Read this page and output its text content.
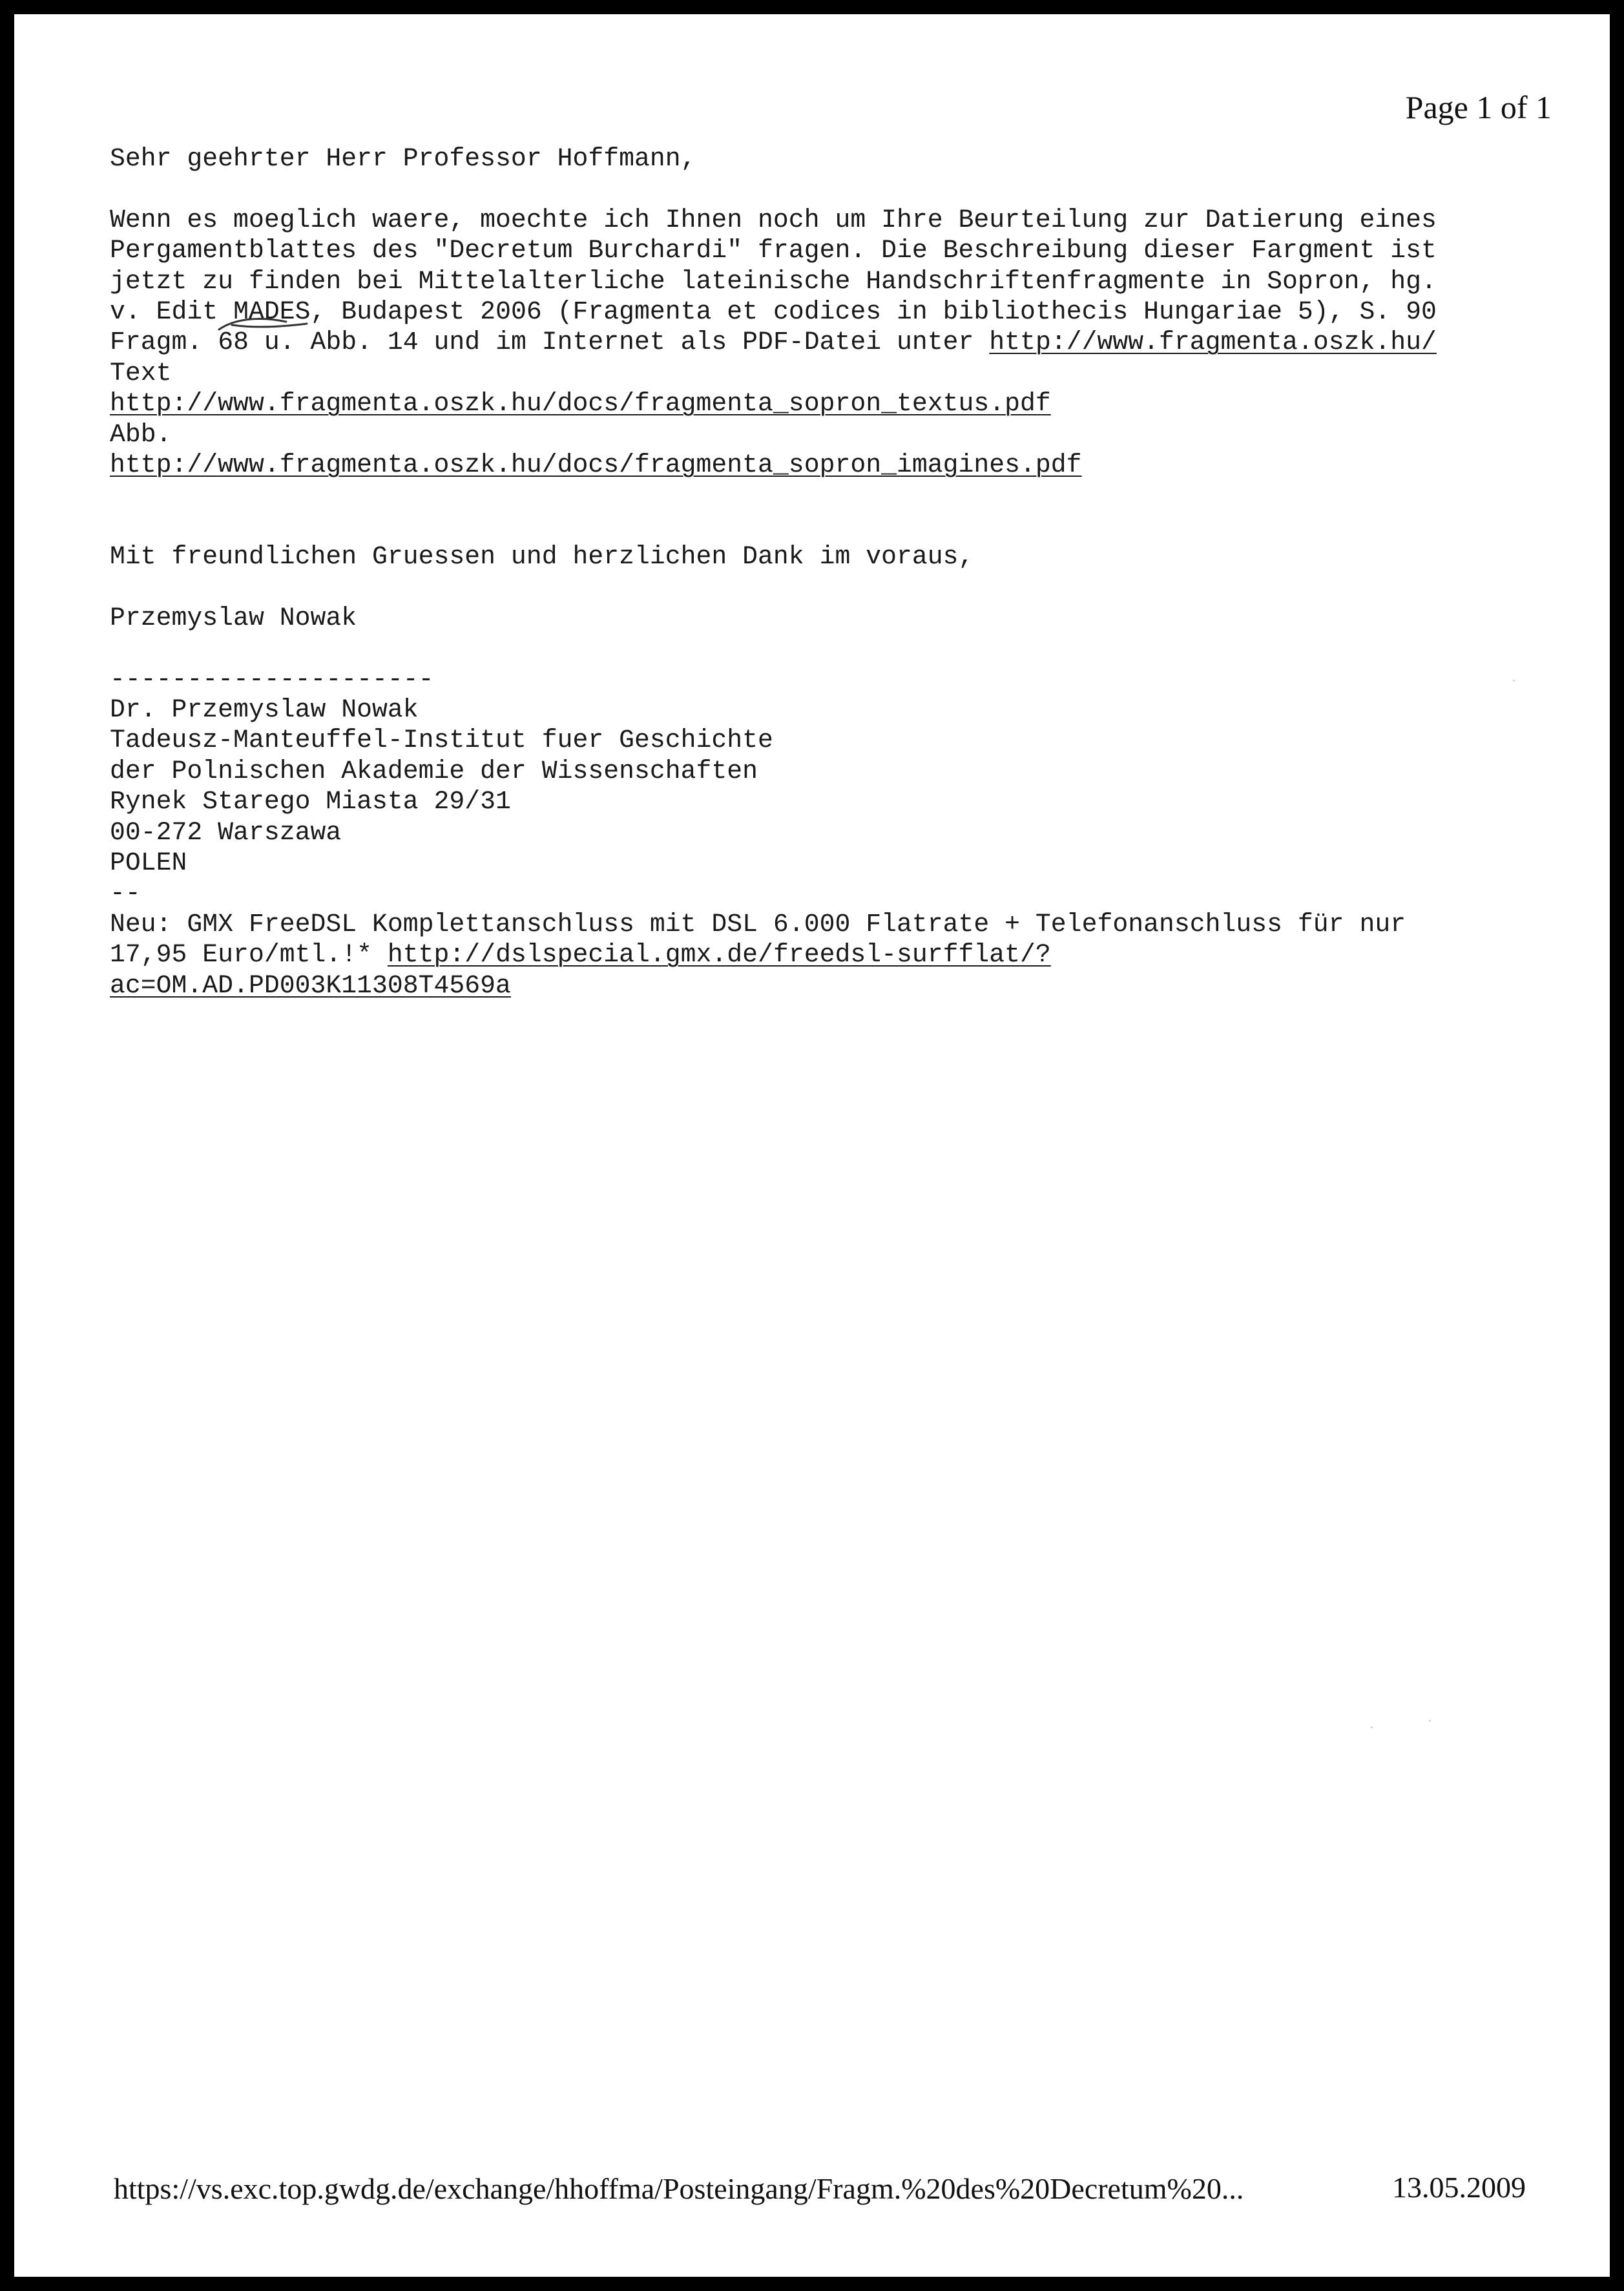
Page 1 of 1
Sehr geehrter Herr Professor Hoffmann,
Wenn es moeglich waere, moechte ich Ihnen noch um Ihre Beurteilung zur Datierung eines
Pergamentblattes des "Decretum Burchardi" fragen. Die Beschreibung dieser Fargment ist
jetzt zu finden bei Mittelalterliche lateinische Handschriftenfragmente in Sopron, hg.
v. Edit MADES
, Budapest 2006 (Fragmenta et codices in bibliothecis Hungariae 5), S. 90
Fragm. 68
u. Abb. 14 und im Internet als PDF-Datei unter http://www.fragmenta.oszk.hu/
Text
http://www.fragmenta.oszk.hu/docs/fragmenta_sopron_textus.pdf
Abb.
http://www.fragmenta.oszk.hu/docs/fragmenta_sopron_imagines.pdf
Mit freundlichen Gruessen und herzlichen Dank im voraus,
Przemyslaw Nowak
---------------------
Dr. Przemyslaw Nowak
Tadeusz-Manteuffel-Institut fuer Geschichte
der Polnischen Akademie der Wissenschaften
Rynek Starego Miasta 29/31
00-272 Warszawa
POLEN
--
Neu: GMX FreeDSL Komplettanschluss mit DSL 6.000 Flatrate + Telefonanschluss für nur
17,95 Euro/mtl.!* http://dslspecial.gmx.de/freedsl-surfflat/?
ac=OM.AD.PD003K11308T4569a
https://vs.exc.top.gwdg.de/exchange/hhoffma/Posteingang/Fragm.%20des%20Decretum%20...	13.05.2009
